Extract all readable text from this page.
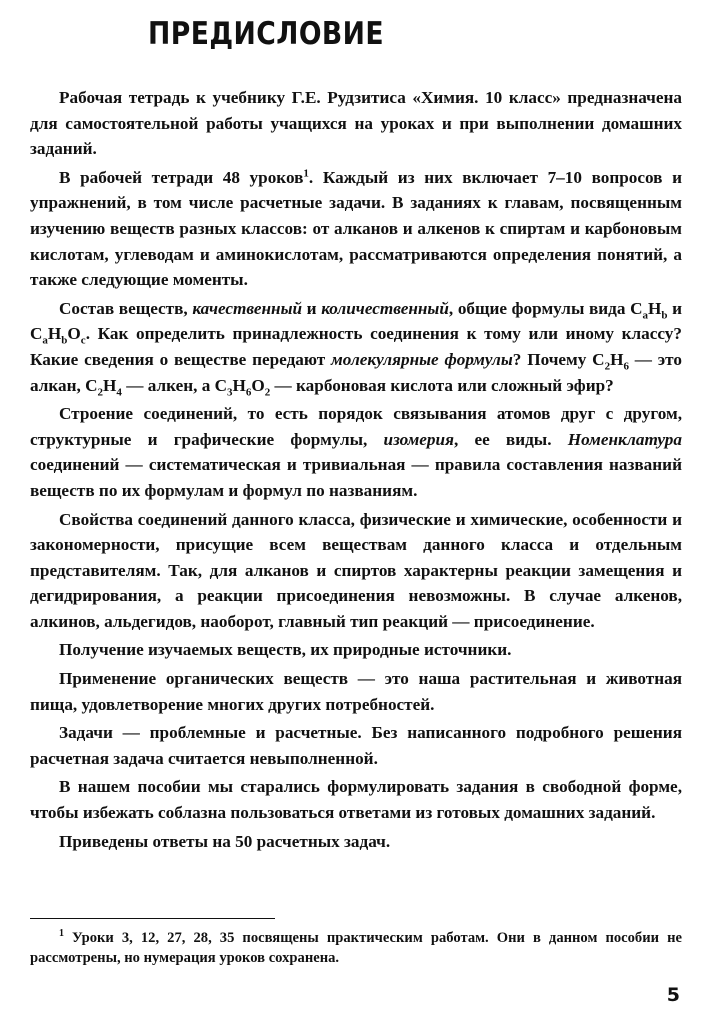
ПРЕДИСЛОВИЕ

Рабочая тетрадь к учебнику Г.Е. Рудзитиса «Химия. 10 класс» предназначена для самостоятельной работы учащихся на уроках и при выполнении домашних заданий.

В рабочей тетради 48 уроков$^1$. Каждый из них включает 7–10 вопросов и упражнений, в том числе расчетные задачи. В заданиях к главам, посвященным изучению веществ разных классов: от алканов и алкенов к спиртам и карбоновым кислотам, углеводам и аминокислотам, рассматриваются определения понятий, а также следующие моменты.

Состав веществ, качественный и количественный, общие формулы вида $C_aH_b$ и $C_aH_bO_c$. Как определить принадлежность соединения к тому или иному классу? Какие сведения о веществе передают молекулярные формулы? Почему $C_2H_6$ — это алкан, $C_2H_4$ — алкен, а $C_3H_6O_2$ — карбоновая кислота или сложный эфир?

Строение соединений, то есть порядок связывания атомов друг с другом, структурные и графические формулы, изомерия, ее виды. Номенклатура соединений — систематическая и тривиальная — правила составления названий веществ по их формулам и формул по названиям.

Свойства соединений данного класса, физические и химические, особенности и закономерности, присущие всем веществам данного класса и отдельным представителям. Так, для алканов и спиртов характерны реакции замещения и дегидрирования, а реакции присоединения невозможны. В случае алкенов, алкинов, альдегидов, наоборот, главный тип реакций — присоединение.

Получение изучаемых веществ, их природные источники.

Применение органических веществ — это наша растительная и животная пища, удовлетворение многих других потребностей.

Задачи — проблемные и расчетные. Без написанного подробного решения расчетная задача считается невыполненной.

В нашем пособии мы старались формулировать задания в свободной форме, чтобы избежать соблазна пользоваться ответами из готовых домашних заданий.

Приведены ответы на 50 расчетных задач.

$^1$ Уроки 3, 12, 27, 28, 35 посвящены практическим работам. Они в данном пособии не рассмотрены, но нумерация уроков сохранена.

5
